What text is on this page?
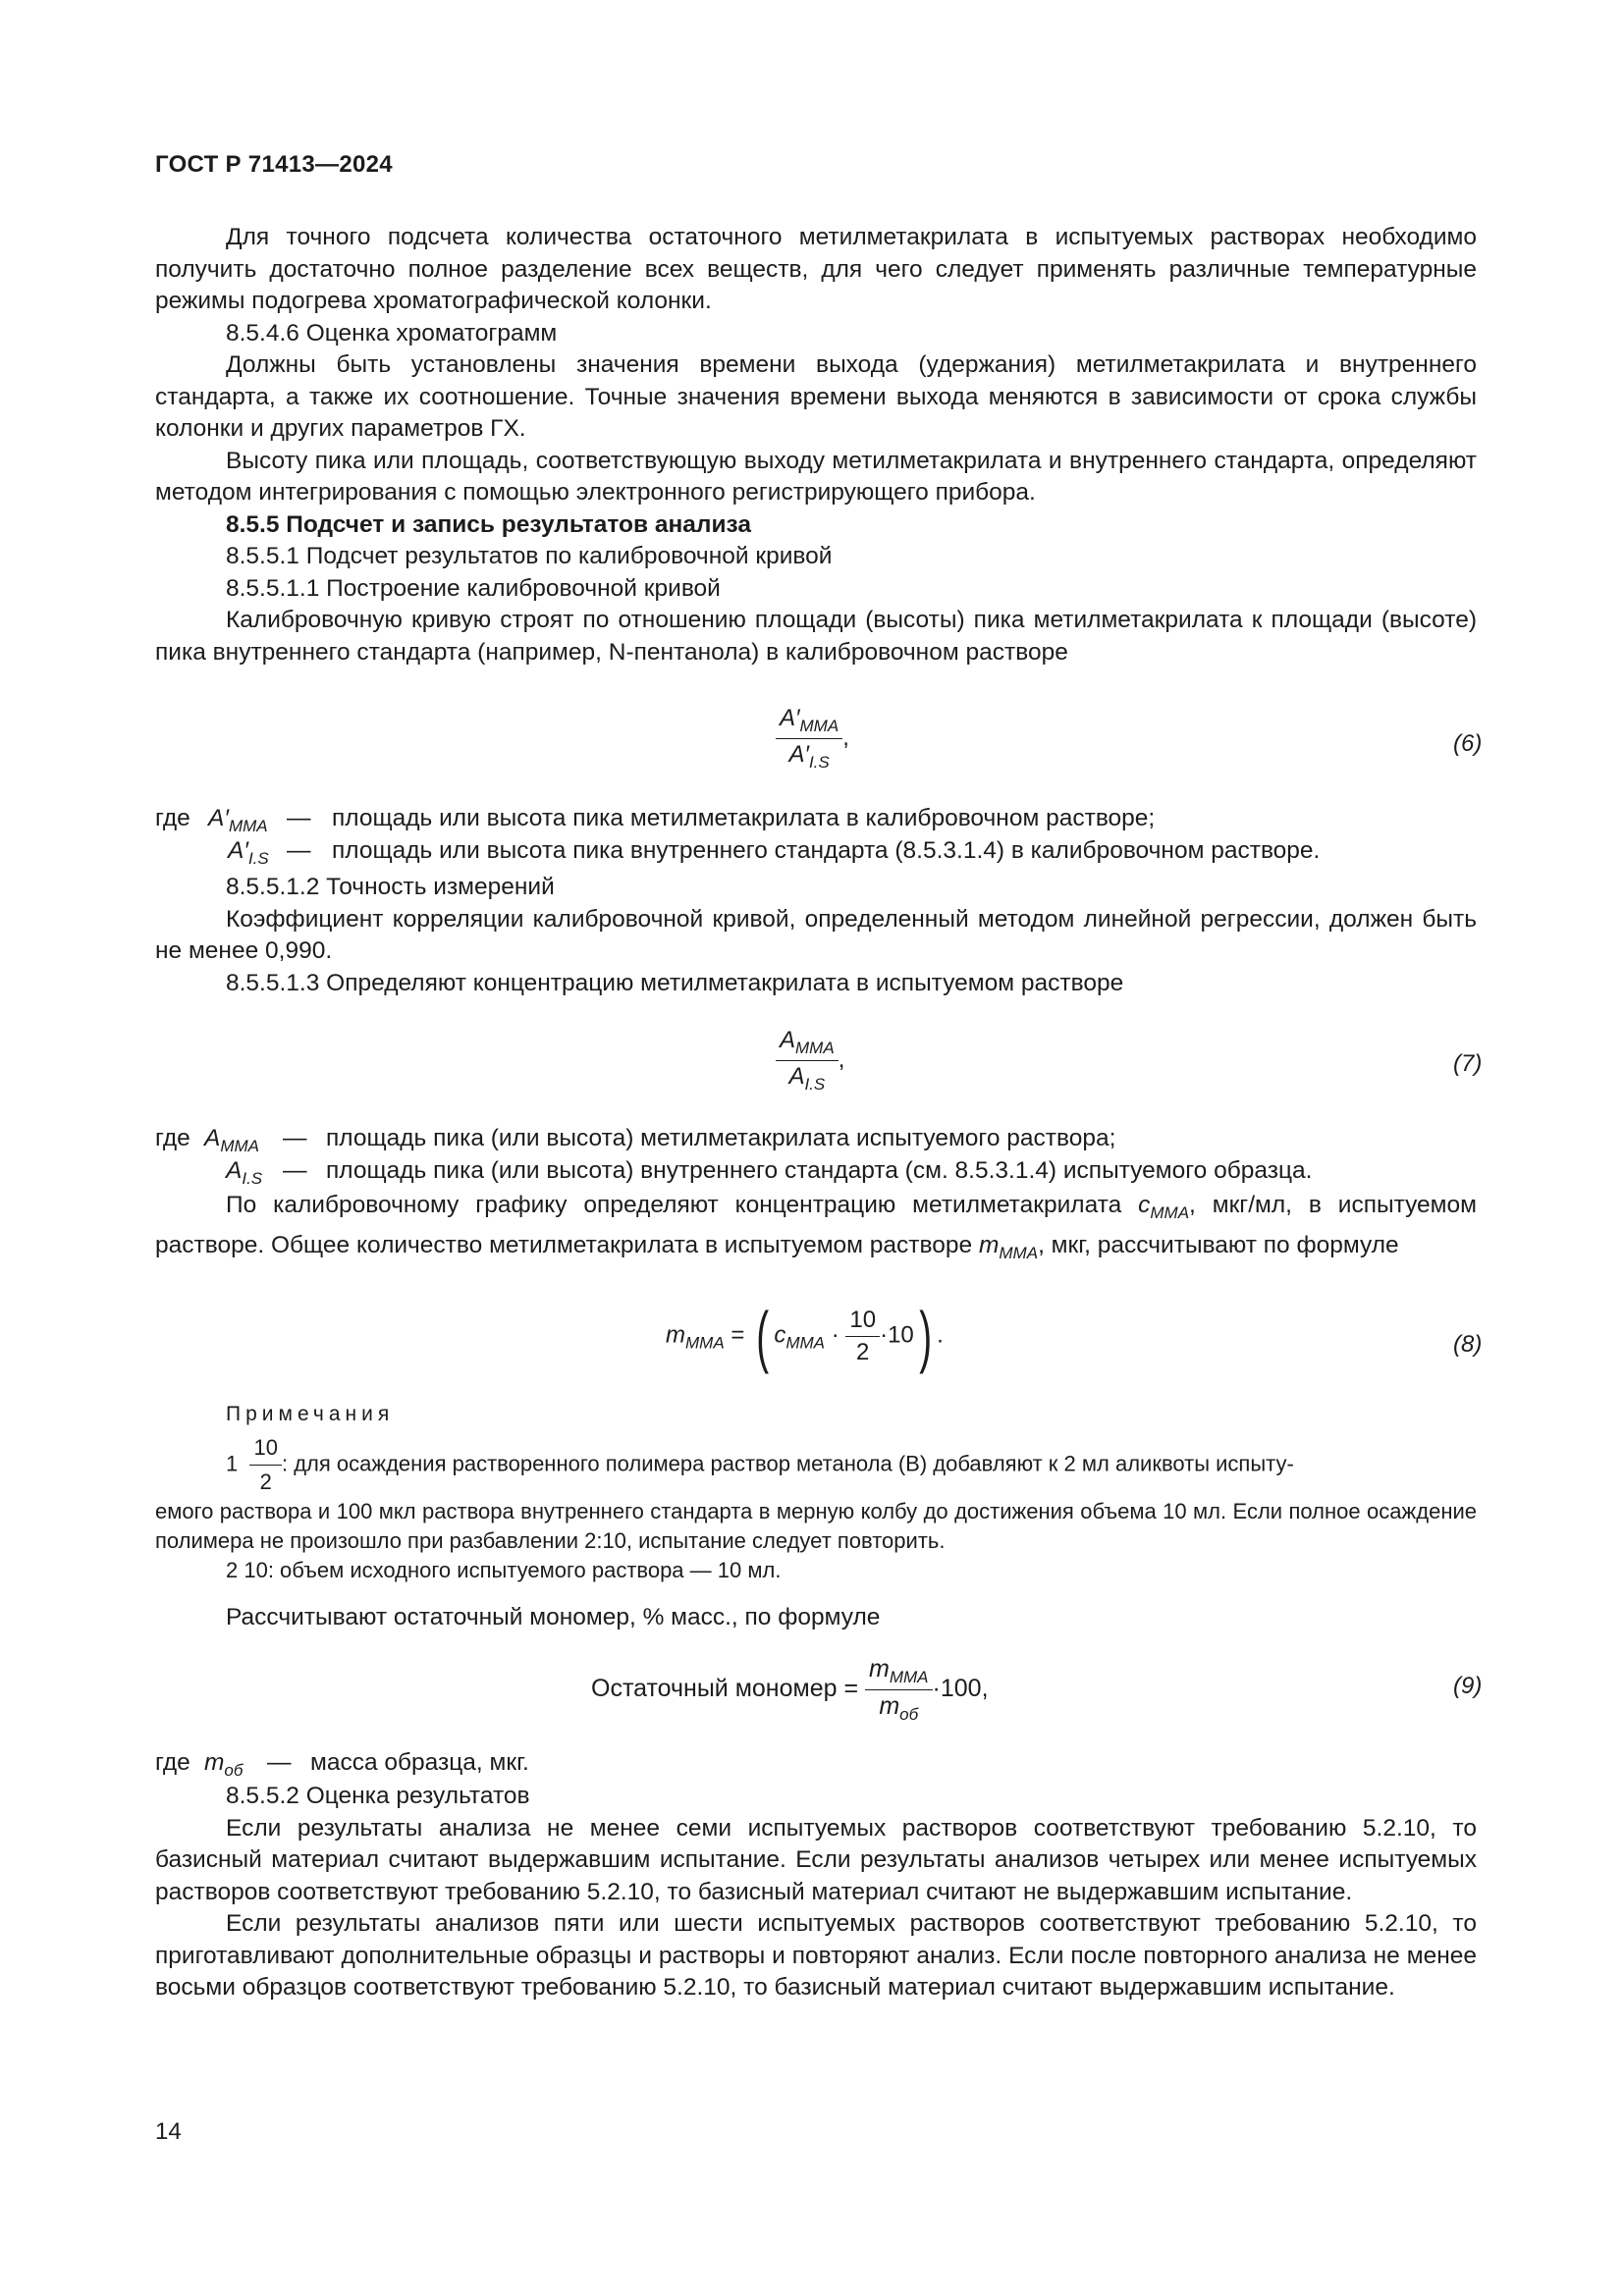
ГОСТ Р 71413—2024

Для точного подсчета количества остаточного метилметакрилата в испытуемых растворах необходимо получить достаточно полное разделение всех веществ, для чего следует применять различные температурные режимы подогрева хроматографической колонки.

8.5.4.6 Оценка хроматограмм

Должны быть установлены значения времени выхода (удержания) метилметакрилата и внутреннего стандарта, а также их соотношение. Точные значения времени выхода меняются в зависимости от срока службы колонки и других параметров ГХ.

Высоту пика или площадь, соответствующую выходу метилметакрилата и внутреннего стандарта, определяют методом интегрирования с помощью электронного регистрирующего прибора.

8.5.5 Подсчет и запись результатов анализа

8.5.5.1 Подсчет результатов по калибровочной кривой

8.5.5.1.1 Построение калибровочной кривой

Калибровочную кривую строят по отношению площади (высоты) пика метилметакрилата к площади (высоте) пика внутреннего стандарта (например, N-пентанола) в калибровочном растворе

$\frac{A'_{MMA}}{A'_{I.S}}$ ,	(6)
где $A'_{MMA}$ — площадь или высота пика метилметакрилата в калибровочном растворе;
$A'_{I.S}$ — площадь или высота пика внутреннего стандарта (8.5.3.1.4) в калибровочном растворе.

8.5.5.1.2 Точность измерений

Коэффициент корреляции калибровочной кривой, определенный методом линейной регрессии, должен быть не менее 0,990.

8.5.5.1.3 Определяют концентрацию метилметакрилата в испытуемом растворе

$\frac{A_{MMA}}{A_{I.S}}$ ,	(7)
где $A_{MMA}$ — площадь пика (или высота) метилметакрилата испытуемого раствора;
$A_{I.S}$ — площадь пика (или высота) внутреннего стандарта (см. 8.5.3.1.4) испытуемого образца.

По калибровочному графику определяют концентрацию метилметакрилата $c_{MMA}$, мкг/мл, в испытуемом растворе. Общее количество метилметакрилата в испытуемом растворе $m_{MMA}$, мкг, рассчитывают по формуле

$m_{MMA}$ = ( $c_{MMA} \cdot \frac{10}{2} \cdot 10$) .	(8)
Примечания
$1 \frac{10}{2}$ : для осаждения растворенного полимера раствор метанола (B) добавляют к 2 мл аликвоты испыту-
емого раствора и 100 мкл раствора внутреннего стандарта в мерную колбу до достижения объема 10 мл. Если полное осаждение полимера не произошло при разбавлении 2:10, испытание следует повторить.
2 10: объем исходного испытуемого раствора — 10 мл.

Рассчитывают остаточный мономер, % масс., по формуле

Остаточный мономер = $\frac{m_{MMA}}{m_{об}} \cdot 100$,	(9)
где $m_{об}$ — масса образца, мкг.

8.5.5.2 Оценка результатов

Если результаты анализа не менее семи испытуемых растворов соответствуют требованию 5.2.10, то базисный материал считают выдержавшим испытание. Если результаты анализов четырех или менее испытуемых растворов соответствуют требованию 5.2.10, то базисный материал считают не выдержавшим испытание.

Если результаты анализов пяти или шести испытуемых растворов соответствуют требованию 5.2.10, то приготавливают дополнительные образцы и растворы и повторяют анализ. Если после повторного анализа не менее восьми образцов соответствуют требованию 5.2.10, то базисный материал считают выдержавшим испытание.

14
